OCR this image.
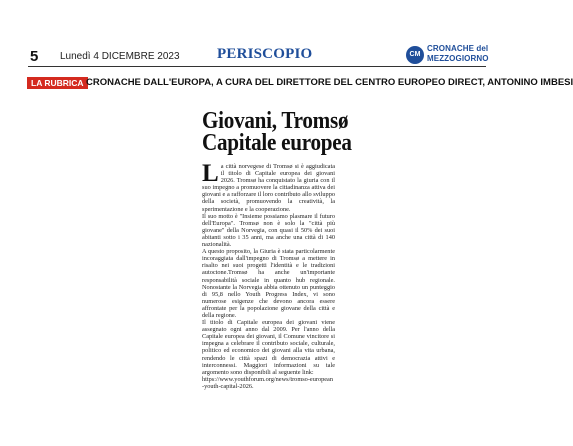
5 Lunedì 4 DICEMBRE 2023 PERISCOPIO	CM
CRONACHE del
MEZZOGIORNO
LA RUBRICA CRONACHE DALL'EUROPA, A CURA DEL DIRETTORE DEL CENTRO EUROPEO DIRECT, ANTONINO IMBESI
Giovani, Tromsø
Capitale europea

La città norvegese di Tromsø si è aggiudicata il titolo di Capitale europea dei giovani 2026. Tromsø ha conquistato la giuria con il suo impegno a promuovere la cittadinanza attiva dei giovani e a rafforzare il loro contributo allo sviluppo della società, promuovendo la creatività, la sperimentazione e la cooperazione.

Il suo motto è "Insieme possiamo plasmare il futuro dell'Europa". Tromsø non è solo la "città più giovane" della Norvegia, con quasi il 50% dei suoi abitanti sotto i 35 anni, ma anche una città di 140 nazionalità.

A questo proposito, la Giuria è stata particolarmente incoraggiata dall'impegno di Tromsø a mettere in risalto nei suoi progetti l'identità e le tradizioni autoctone.Tromsø ha anche un'importante responsabilità sociale in quanto hub regionale. Nonostante la Norvegia abbia ottenuto un punteggio di 95,8 nello Youth Progress Index, vi sono numerose esigenze che devono ancora essere affrontate per la popolazione giovane della città e della regione.

Il titolo di Capitale europea dei giovani viene assegnato ogni anno dal 2009. Per l'anno della Capitale europea dei giovani, il Comune vincitore si impegna a celebrare il contributo sociale, culturale, politico ed economico dei giovani alla vita urbana, rendendo le città spazi di democrazia attivi e interconnessi. Maggiori informazioni su tale argomento sono disponibili al seguente link:

https://www.youthforum.org/news/tromso-european-youth-capital-2026.
